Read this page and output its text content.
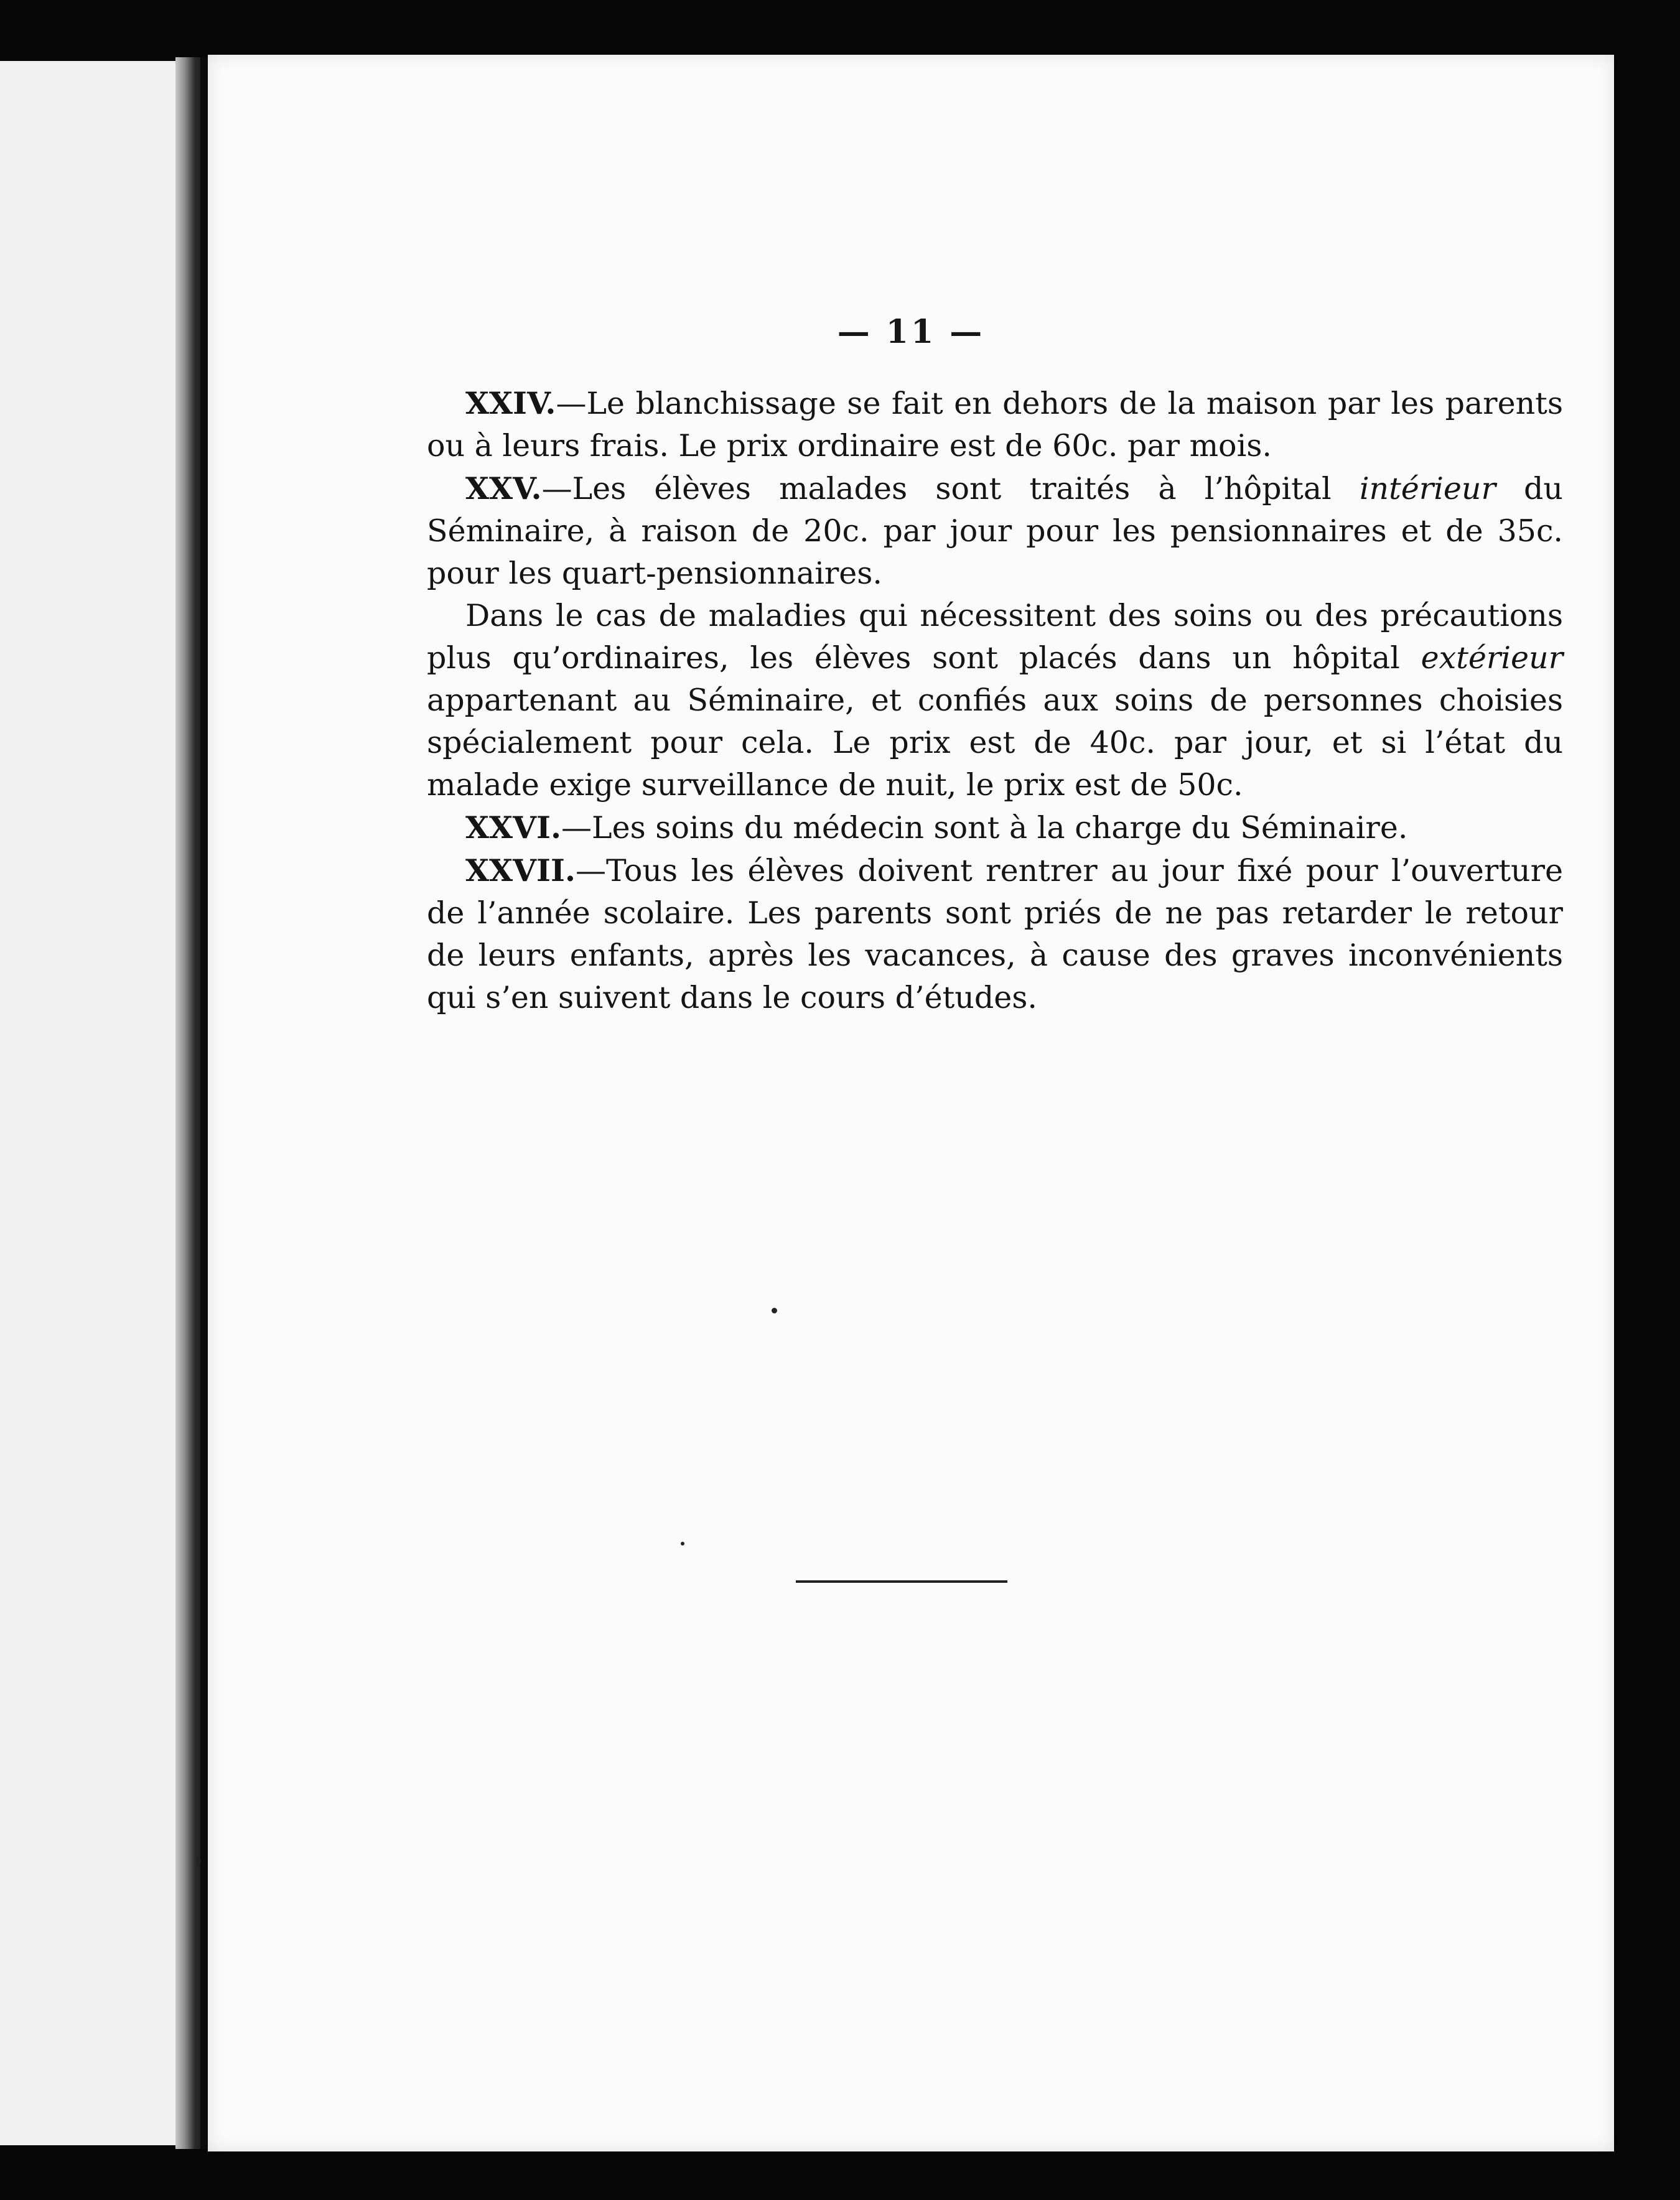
— 11 —

XXIV.—Le blanchissage se fait en dehors de la maison par les parents ou à leurs frais. Le prix ordinaire est de 60c. par mois.

XXV.—Les élèves malades sont traités à l’hôpital intérieur du Séminaire, à raison de 20c. par jour pour les pensionnaires et de 35c. pour les quart-pensionnaires.

Dans le cas de maladies qui nécessitent des soins ou des précautions plus qu’ordinaires, les élèves sont placés dans un hôpital extérieur appartenant au Séminaire, et confiés aux soins de personnes choisies spécialement pour cela. Le prix est de 40c. par jour, et si l’état du malade exige surveillance de nuit, le prix est de 50c.

XXVI.—Les soins du médecin sont à la charge du Séminaire.

XXVII.—Tous les élèves doivent rentrer au jour fixé pour l’ouverture de l’année scolaire. Les parents sont priés de ne pas retarder le retour de leurs enfants, après les vacances, à cause des graves inconvénients qui s’en suivent dans le cours d’études.
